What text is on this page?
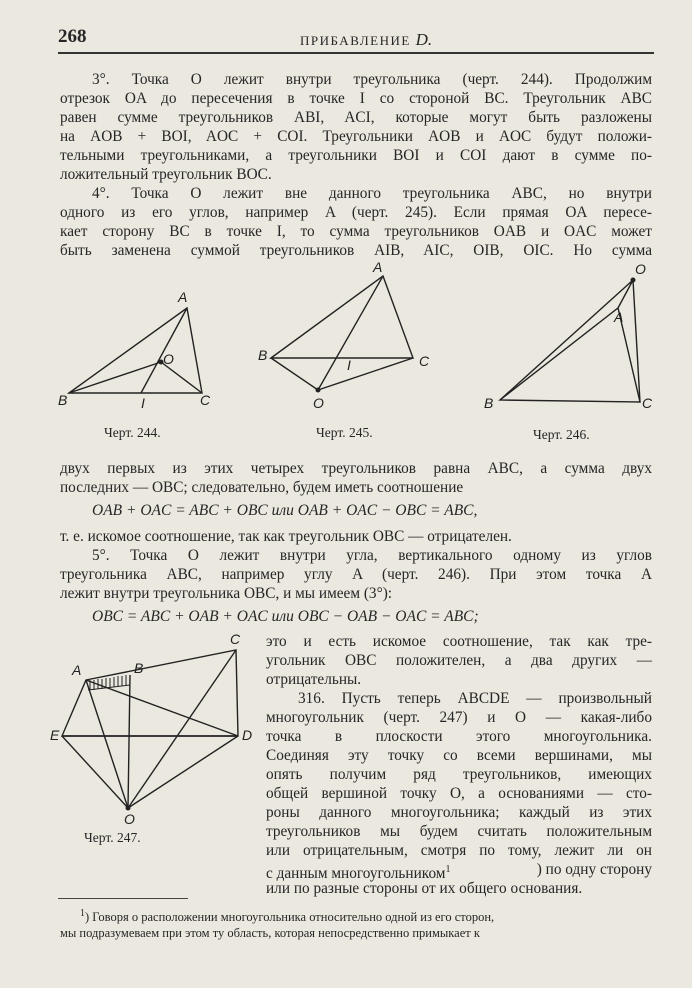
268	ПРИБАВЛЕНИЕ D.
3°. Точка О лежит внутри треугольника (черт. 244). Продолжим
отрезок OA до пересечения в точке I со стороной BC. Треугольник ABC
равен сумме треугольников ABI, ACI, которые могут быть разложены
на AOB + BOI, AOC + COI. Треугольники AOB и AOC будут положи-
тельными треугольниками, а треугольники BOI и COI дают в сумме по-
ложительный треугольник BOC.
4°. Точка О лежит вне данного треугольника ABC, но внутри
одного из его углов, например A (черт. 245). Если прямая OA пересе-
кает сторону BC в точке I, то сумма треугольников OAB и OAC может
быть заменена суммой треугольников AIB, AIC, OIB, OIC. Но сумма
A
B	C
O
I
Черт. 244.
A
B	C
O
I
Черт. 245.
O
A
B	C
Черт. 246.
двух первых из этих четырех треугольников равна ABC, а сумма двух
последних — OBC; следовательно, будем иметь соотношение
OAB + OAC = ABC + OBC или OAB + OAC − OBC = ABC,
т. е. искомое соотношение, так как треугольник OBC — отрицателен.
5°. Точка О лежит внутри угла, вертикального одному из углов
треугольника ABC, например углу A (черт. 246). При этом точка A
лежит внутри треугольника OBC, и мы имеем (3°):
OBC = ABC + OAB + OAC или OBC − OAB − OAC = ABC;
A	B
C
D
E
O
Черт. 247.
это и есть искомое соотношение, так как тре-
угольник OBC положителен, а два других —
отрицательны.
316. Пусть теперь ABCDE — произвольный
многоугольник (черт. 247) и O — какая-либо
точка в плоскости этого многоугольника.
Соединяя эту точку со всеми вершинами, мы
опять получим ряд треугольников, имеющих
общей вершиной точку O, а основаниями — сто-
роны данного многоугольника; каждый из этих
треугольников мы будем считать положительным
или отрицательным, смотря по тому, лежит ли он
с данным многоугольником$^1$	) по одну сторону
или по разные стороны от их общего основания.
$^1$) Говоря о расположении многоугольника относительно одной из его сторон,
мы подразумеваем при этом ту область, которая непосредственно примыкает к
